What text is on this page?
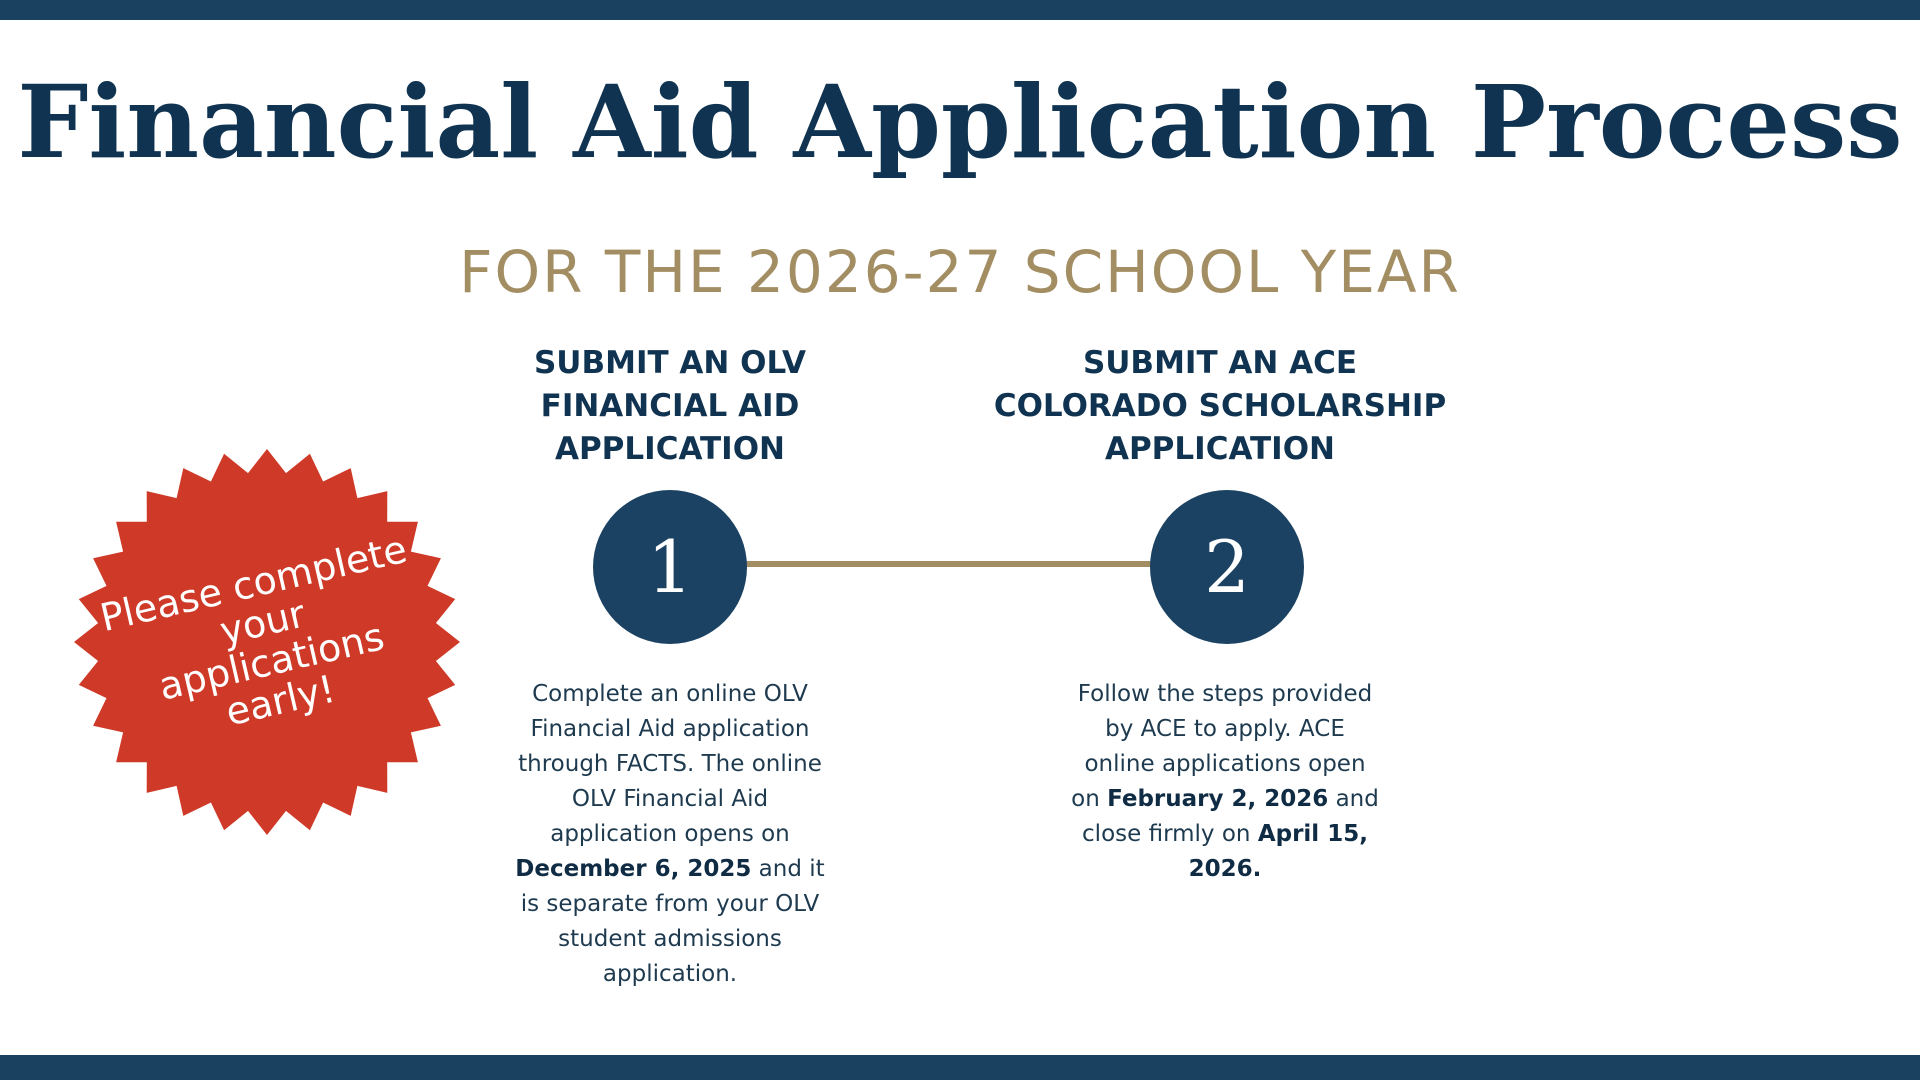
Financial Aid Application Process
FOR THE 2026-27 SCHOOL YEAR
Please complete your applications early!
SUBMIT AN OLV
FINANCIAL AID
APPLICATION
SUBMIT AN ACE
COLORADO SCHOLARSHIP
APPLICATION
1	2
Complete an online OLV Financial Aid application through FACTS. The online OLV Financial Aid application opens on December 6, 2025 and it is separate from your OLV student admissions application.
Follow the steps provided by ACE to apply. ACE online applications open on February 2, 2026 and close firmly on April 15, 2026.
